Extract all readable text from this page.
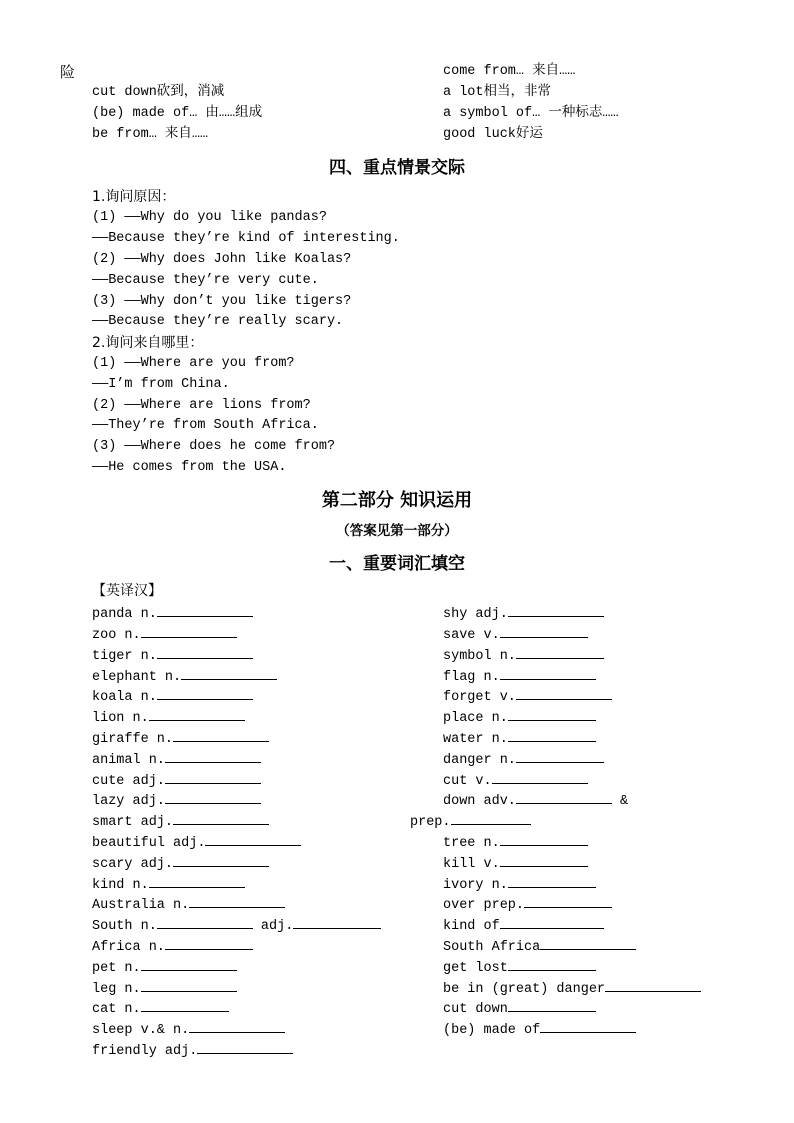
险
cut down砍到，消减
(be) made of… 由……组成
be from… 来自……
come from… 来自……
a lot相当，非常
a symbol of… 一种标志……
good luck好运
四、重点情景交际
1.询问原因：
(1) ——Why do you like pandas?
——Because they’re kind of interesting.
(2) ——Why does John like Koalas?
——Because they’re very cute.
(3) ——Why don’t you like tigers?
——Because they’re really scary.
2.询问来自哪里：
(1) ——Where are you from?
——I’m from China.
(2) ——Where are lions from?
——They’re from South Africa.
(3) ——Where does he come from?
——He comes from the USA.
第二部分 知识运用
（答案见第一部分）
一、重要词汇填空
【英译汉】
panda n.
zoo n.
tiger n.
elephant n.
koala n.
lion n.
giraffe n.
animal n.
cute adj.
lazy adj.
smart adj.
beautiful adj.
scary adj.
kind n.
Australia n.
South n.	adj.
Africa n.
pet n.
leg n.
cat n.
sleep v.& n.
friendly adj.
shy adj.
save v.
symbol n.
flag n.
forget v.
place n.
water n.
danger n.
cut v.
down adv.	&
prep.
tree n.
kill v.
ivory n.
over prep.
kind of
South Africa
get lost
be in (great) danger
cut down
(be) made of
